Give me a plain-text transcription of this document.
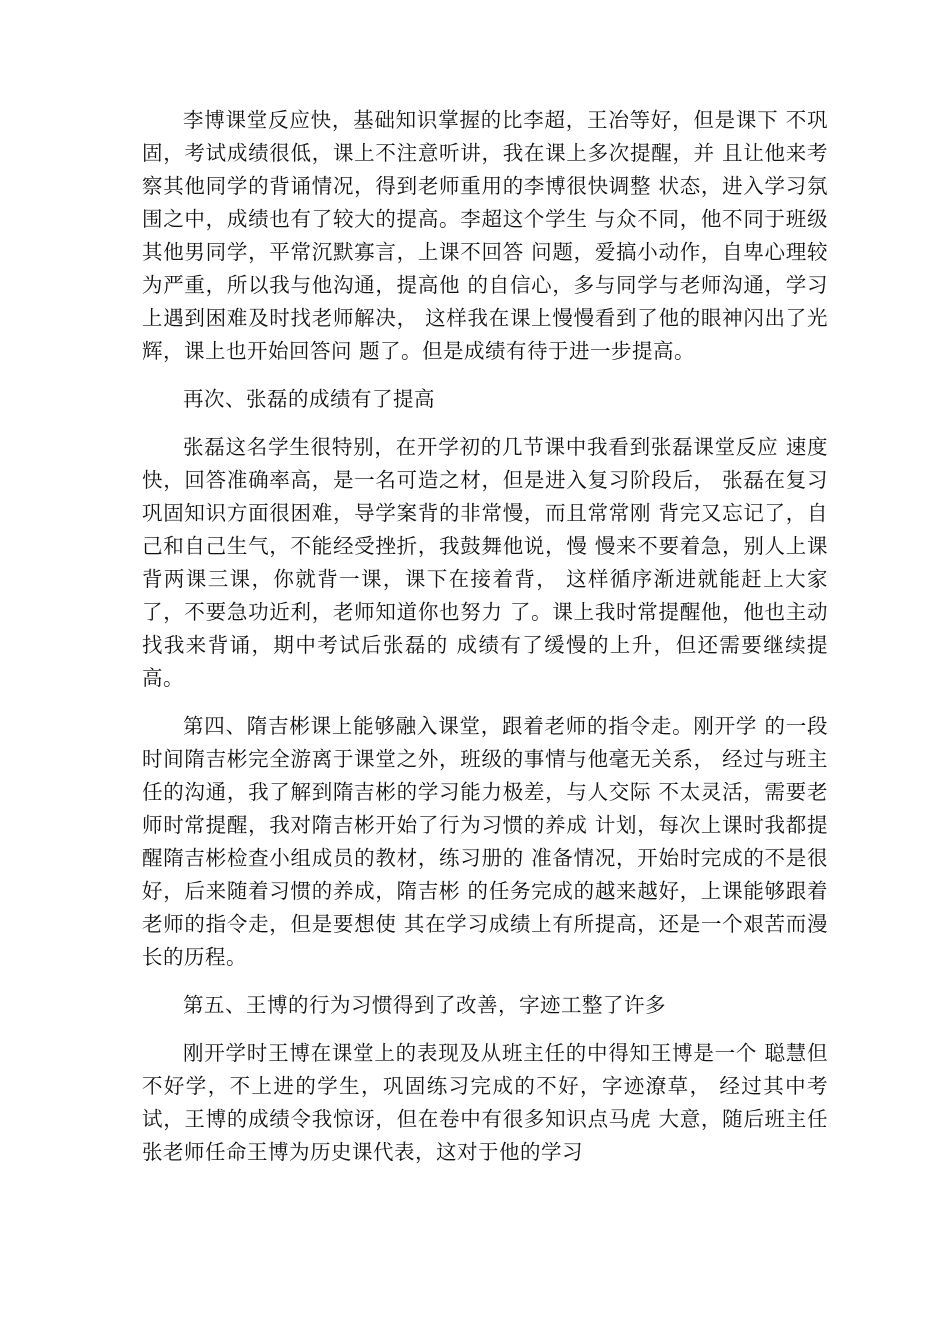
李博课堂反应快，基础知识掌握的比李超，王冶等好，但是课下 不巩固，考试成绩很低，课上不注意听讲，我在课上多次提醒，并 且让他来考察其他同学的背诵情况，得到老师重用的李博很快调整 状态，进入学习氛围之中，成绩也有了较大的提高。李超这个学生 与众不同，他不同于班级其他男同学，平常沉默寡言，上课不回答 问题，爱搞小动作，自卑心理较为严重，所以我与他沟通，提高他 的自信心，多与同学与老师沟通，学习上遇到困难及时找老师解决， 这样我在课上慢慢看到了他的眼神闪出了光辉，课上也开始回答问 题了。但是成绩有待于进一步提高。

再次、张磊的成绩有了提高

张磊这名学生很特别，在开学初的几节课中我看到张磊课堂反应 速度快，回答准确率高，是一名可造之材，但是进入复习阶段后， 张磊在复习巩固知识方面很困难，导学案背的非常慢，而且常常刚 背完又忘记了，自己和自己生气，不能经受挫折，我鼓舞他说，慢 慢来不要着急，别人上课背两课三课，你就背一课，课下在接着背， 这样循序渐进就能赶上大家了，不要急功近利，老师知道你也努力 了。课上我时常提醒他，他也主动找我来背诵，期中考试后张磊的 成绩有了缓慢的上升，但还需要继续提高。

第四、隋吉彬课上能够融入课堂，跟着老师的指令走。刚开学 的一段时间隋吉彬完全游离于课堂之外，班级的事情与他毫无关系， 经过与班主任的沟通，我了解到隋吉彬的学习能力极差，与人交际 不太灵活，需要老师时常提醒，我对隋吉彬开始了行为习惯的养成 计划，每次上课时我都提醒隋吉彬检查小组成员的教材，练习册的 准备情况，开始时完成的不是很好，后来随着习惯的养成，隋吉彬 的任务完成的越来越好，上课能够跟着老师的指令走，但是要想使 其在学习成绩上有所提高，还是一个艰苦而漫长的历程。

第五、王博的行为习惯得到了改善，字迹工整了许多

刚开学时王博在课堂上的表现及从班主任的中得知王博是一个 聪慧但不好学，不上进的学生，巩固练习完成的不好，字迹潦草， 经过其中考试，王博的成绩令我惊讶，但在卷中有很多知识点马虎 大意，随后班主任张老师任命王博为历史课代表，这对于他的学习
